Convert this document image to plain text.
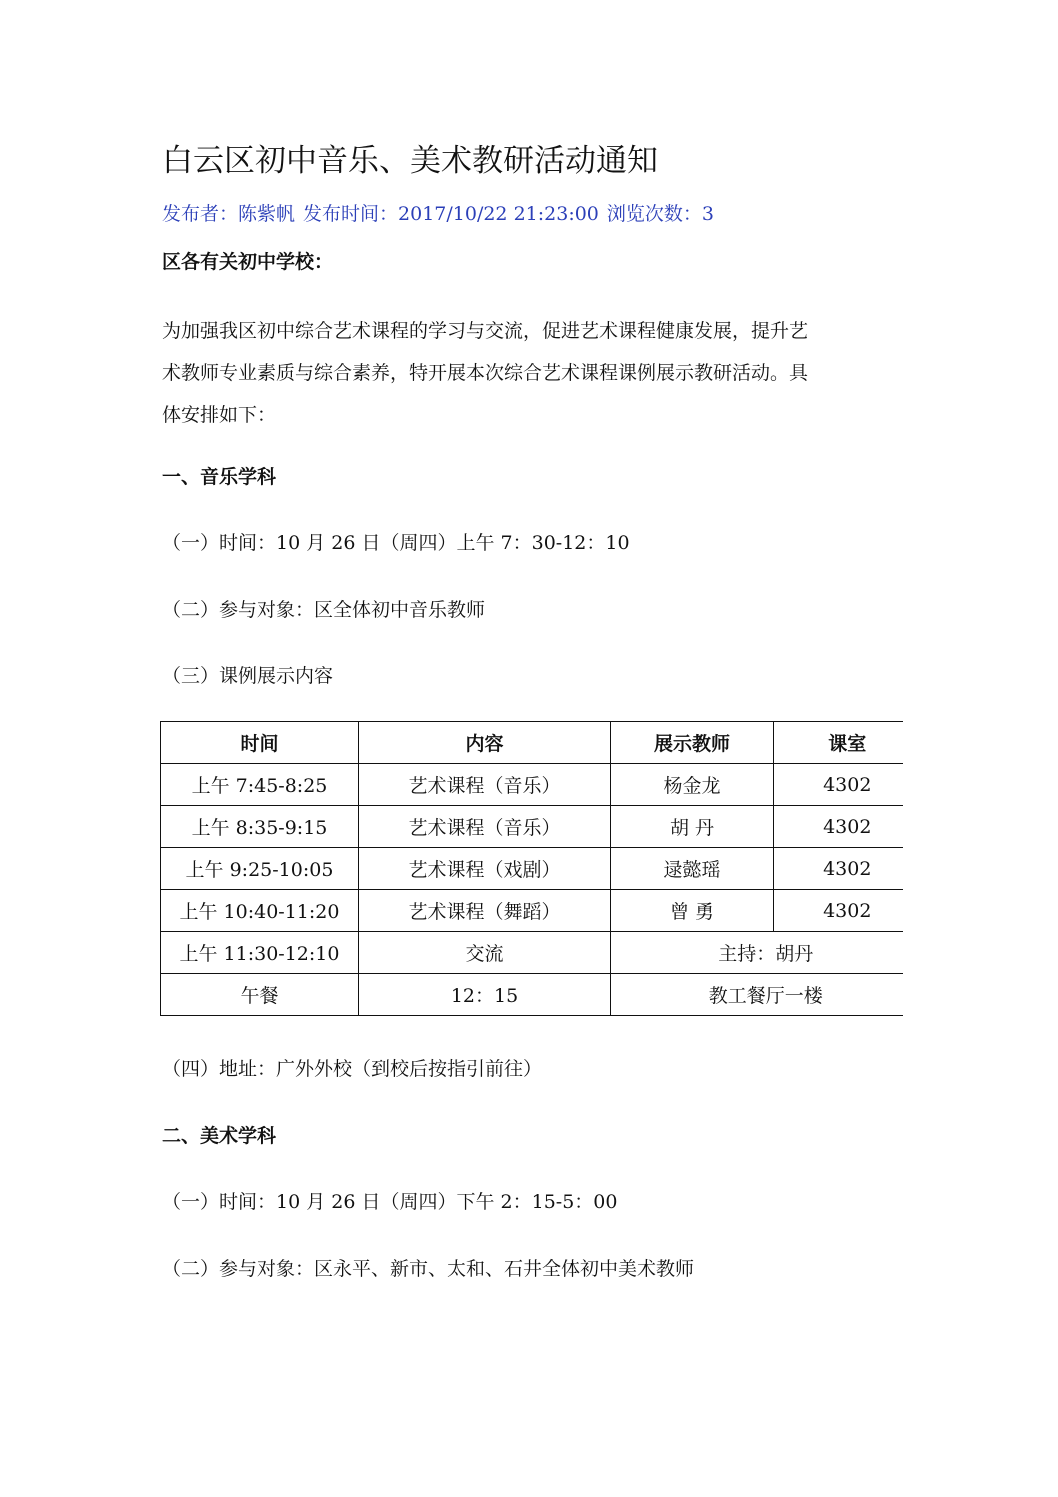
白云区初中音乐、美术教研活动通知
发布者：陈紫帆 发布时间：2017/10/22 21:23:00 浏览次数：3
区各有关初中学校：
为加强我区初中综合艺术课程的学习与交流，促进艺术课程健康发展，提升艺
术教师专业素质与综合素养，特开展本次综合艺术课程课例展示教研活动。具
体安排如下：
一、音乐学科
（一）时间：10 月 26 日（周四）上午 7：30-12：10
（二）参与对象：区全体初中音乐教师
（三）课例展示内容
时间	内容	展示教师	课室
上午 7:45-8:25	艺术课程（音乐）	杨金龙	4302
上午 8:35-9:15	艺术课程（音乐）	胡 丹	4302
上午 9:25-10:05	艺术课程（戏剧）	逯懿瑶	4302
上午 10:40-11:20	艺术课程（舞蹈）	曾 勇	4302
上午 11:30-12:10	交流	主持：胡丹	
午餐	12：15	教工餐厅一楼	
（四）地址：广外外校（到校后按指引前往）
二、美术学科
（一）时间：10 月 26 日（周四）下午 2：15-5：00
（二）参与对象：区永平、新市、太和、石井全体初中美术教师
